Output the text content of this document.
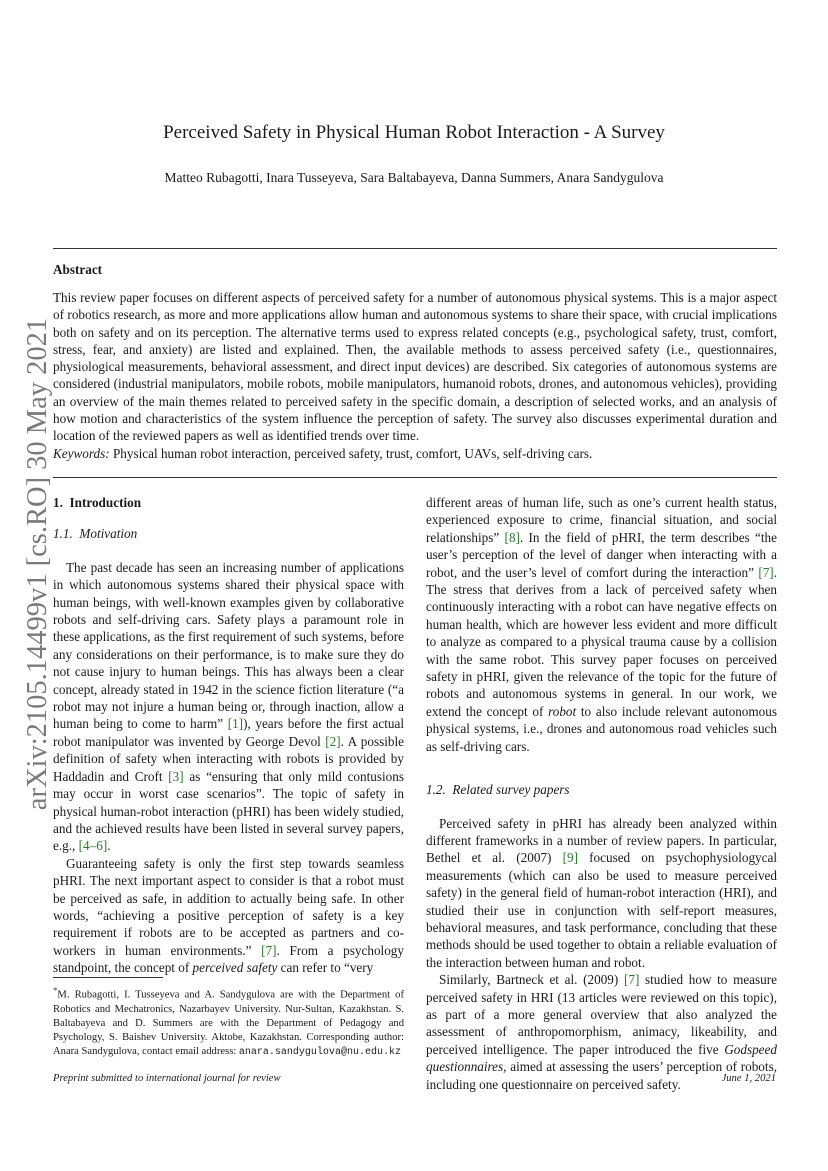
arXiv:2105.14499v1 [cs.RO] 30 May 2021
Perceived Safety in Physical Human Robot Interaction - A Survey
Matteo Rubagotti, Inara Tusseyeva, Sara Baltabayeva, Danna Summers, Anara Sandygulova
Abstract
This review paper focuses on different aspects of perceived safety for a number of autonomous physical systems. This is a major aspect of robotics research, as more and more applications allow human and autonomous systems to share their space, with crucial implications both on safety and on its perception. The alternative terms used to express related concepts (e.g., psychological safety, trust, comfort, stress, fear, and anxiety) are listed and explained. Then, the available methods to assess perceived safety (i.e., questionnaires, physiological measurements, behavioral assessment, and direct input devices) are described. Six categories of autonomous systems are considered (industrial manipulators, mobile robots, mobile manipulators, humanoid robots, drones, and autonomous vehicles), providing an overview of the main themes related to perceived safety in the specific domain, a description of selected works, and an analysis of how motion and characteristics of the system influence the perception of safety. The survey also discusses experimental duration and location of the reviewed papers as well as identified trends over time.
Keywords: Physical human robot interaction, perceived safety, trust, comfort, UAVs, self-driving cars.
1. Introduction
1.1. Motivation

The past decade has seen an increasing number of applications in which autonomous systems shared their physical space with human beings, with well-known examples given by collaborative robots and self-driving cars. Safety plays a paramount role in these applications, as the first requirement of such systems, before any considerations on their performance, is to make sure they do not cause injury to human beings. This has always been a clear concept, already stated in 1942 in the science fiction literature (“a robot may not injure a human being or, through inaction, allow a human being to come to harm” [1]), years before the first actual robot manipulator was invented by George Devol [2]. A possible definition of safety when interacting with robots is provided by Haddadin and Croft [3] as “ensuring that only mild contusions may occur in worst case scenarios”. The topic of safety in physical human-robot interaction (pHRI) has been widely studied, and the achieved results have been listed in several survey papers, e.g., [4–6].

Guaranteeing safety is only the first step towards seamless pHRI. The next important aspect to consider is that a robot must be perceived as safe, in addition to actually being safe. In other words, “achieving a positive perception of safety is a key requirement if robots are to be accepted as partners and co-workers in human environments.” [7]. From a psychology standpoint, the concept of perceived safety can refer to “very

*M. Rubagotti, I. Tusseyeva and A. Sandygulova are with the Department of Robotics and Mechatronics, Nazarbayev University. Nur-Sultan, Kazakhstan. S. Baltabayeva and D. Summers are with the Department of Pedagogy and Psychology, S. Baishev University. Aktobe, Kazakhstan. Corresponding author: Anara Sandygulova, contact email address: anara.sandygulova@nu.edu.kz

different areas of human life, such as one’s current health status, experienced exposure to crime, financial situation, and social relationships” [8]. In the field of pHRI, the term describes “the user’s perception of the level of danger when interacting with a robot, and the user’s level of comfort during the interaction” [7]. The stress that derives from a lack of perceived safety when continuously interacting with a robot can have negative effects on human health, which are however less evident and more difficult to analyze as compared to a physical trauma cause by a collision with the same robot. This survey paper focuses on perceived safety in pHRI, given the relevance of the topic for the future of robots and autonomous systems in general. In our work, we extend the concept of robot to also include relevant autonomous physical systems, i.e., drones and autonomous road vehicles such as self-driving cars.

1.2. Related survey papers

Perceived safety in pHRI has already been analyzed within different frameworks in a number of review papers. In particular, Bethel et al. (2007) [9] focused on psychophysiologycal measurements (which can also be used to measure perceived safety) in the general field of human-robot interaction (HRI), and studied their use in conjunction with self-report measures, behavioral measures, and task performance, concluding that these methods should be used together to obtain a reliable evaluation of the interaction between human and robot.

Similarly, Bartneck et al. (2009) [7] studied how to measure perceived safety in HRI (13 articles were reviewed on this topic), as part of a more general overview that also analyzed the assessment of anthropomorphism, animacy, likeability, and perceived intelligence. The paper introduced the five Godspeed questionnaires, aimed at assessing the users’ perception of robots, including one questionnaire on perceived safety.

Preprint submitted to international journal for review	June 1, 2021
